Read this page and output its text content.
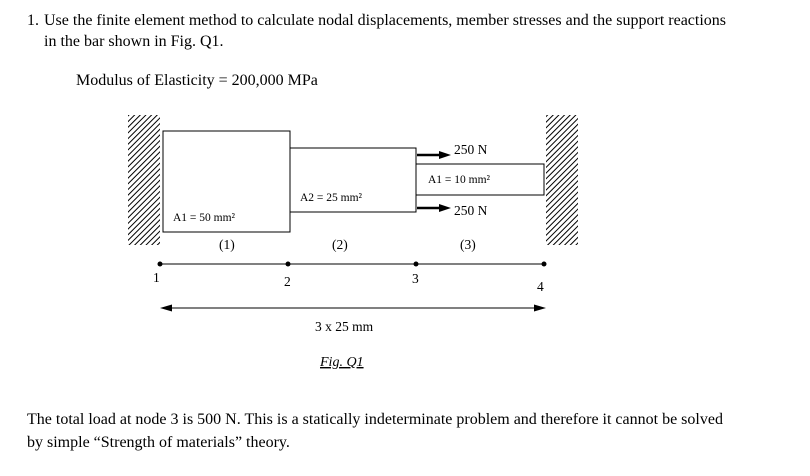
1. Use the finite element method to calculate nodal displacements, member stresses and the support reactions
in the bar shown in Fig. Q1.
Modulus of Elasticity = 200,000 MPa
A1 = 50 mm²
A2 = 25 mm²
A1 = 10 mm²
250 N
250 N
(1)	(2)	(3)
1	2	3
4
3 x 25 mm
Fig. Q1
The total load at node 3 is 500 N. This is a statically indeterminate problem and therefore it cannot be solved
by simple “Strength of materials” theory.
